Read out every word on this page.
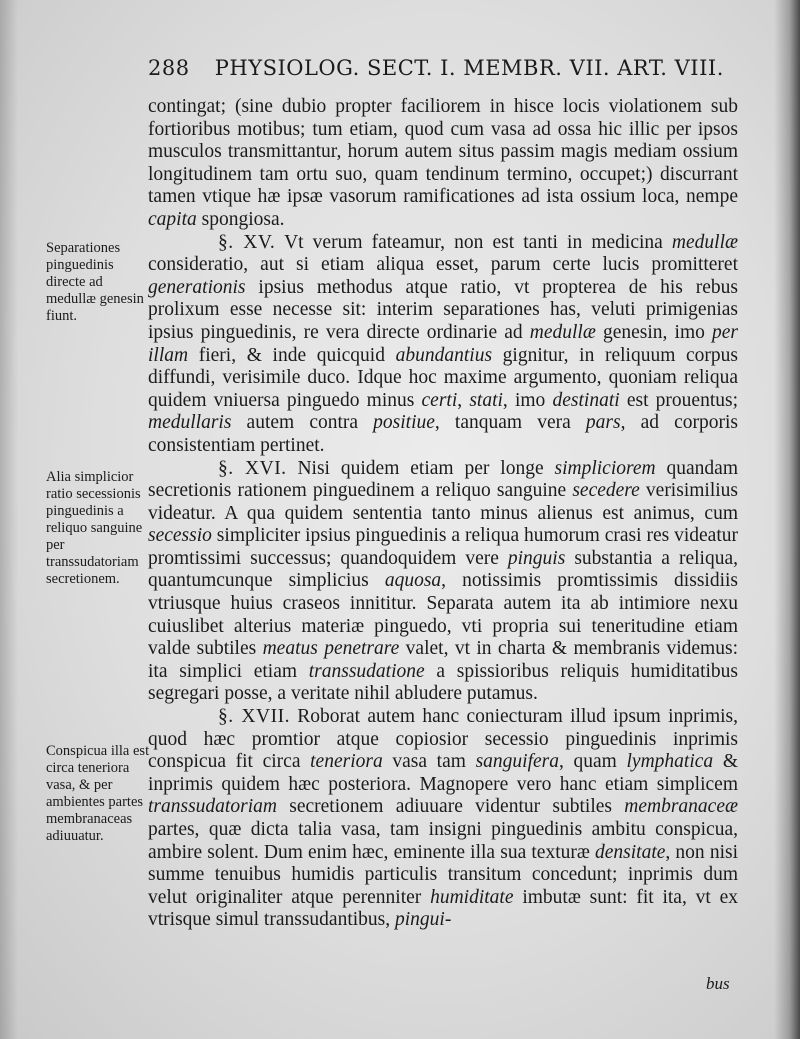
288 PHYSIOLOG. SECT. I. MEMBR. VII. ART. VIII.
Separationes pinguedinis directe ad medullæ genesin fiunt.
Alia simplicior ratio secessionis pinguedinis a reliquo sanguine per transsudatoriam secretionem.
Conspicua illa est circa teneriora vasa, & per ambientes partes membranaceas adiuuatur.

contingat; (sine dubio propter faciliorem in hisce locis violationem sub fortioribus motibus; tum etiam, quod cum vasa ad ossa hic illic per ipsos musculos transmittantur, horum autem situs passim magis mediam ossium longitudinem tam ortu suo, quam tendinum termino, occupet;) discurrant tamen vtique hæ ipsæ vasorum ramificationes ad ista ossium loca, nempe capita spongiosa.

§. XV. Vt verum fateamur, non est tanti in medicina medullæ consideratio, aut si etiam aliqua esset, parum certe lucis promitteret generationis ipsius methodus atque ratio, vt propterea de his rebus prolixum esse necesse sit: interim separationes has, veluti primigenias ipsius pinguedinis, re vera directe ordinarie ad medullæ genesin, imo per illam fieri, & inde quicquid abundantius gignitur, in reliquum corpus diffundi, verisimile duco. Idque hoc maxime argumento, quoniam reliqua quidem vniuersa pinguedo minus certi, stati, imo destinati est prouentus; medullaris autem contra positiue, tanquam vera pars, ad corporis consistentiam pertinet.

§. XVI. Nisi quidem etiam per longe simpliciorem quandam secretionis rationem pinguedinem a reliquo sanguine secedere verisimilius videatur. A qua quidem sententia tanto minus alienus est animus, cum secessio simpliciter ipsius pinguedinis a reliqua humorum crasi res videatur promtissimi successus; quandoquidem vere pinguis substantia a reliqua, quantumcunque simplicius aquosa, notissimis promtissimis dissidiis vtriusque huius craseos innititur. Separata autem ita ab intimiore nexu cuiuslibet alterius materiæ pinguedo, vti propria sui teneritudine etiam valde subtiles meatus penetrare valet, vt in charta & membranis videmus: ita simplici etiam transsudatione a spissioribus reliquis humiditatibus segregari posse, a veritate nihil abludere putamus.

§. XVII. Roborat autem hanc coniecturam illud ipsum inprimis, quod hæc promtior atque copiosior secessio pinguedinis inprimis conspicua fit circa teneriora vasa tam sanguifera, quam lymphatica & inprimis quidem hæc posteriora. Magnopere vero hanc etiam simplicem transsudatoriam secretionem adiuuare videntur subtiles membranaceæ partes, quæ dicta talia vasa, tam insigni pinguedinis ambitu conspicua, ambire solent. Dum enim hæc, eminente illa sua texturæ densitate, non nisi summe tenuibus humidis particulis transitum concedunt; inprimis dum velut originaliter atque perenniter humiditate imbutæ sunt: fit ita, vt ex vtrisque simul transsudantibus, pingui-

bus
